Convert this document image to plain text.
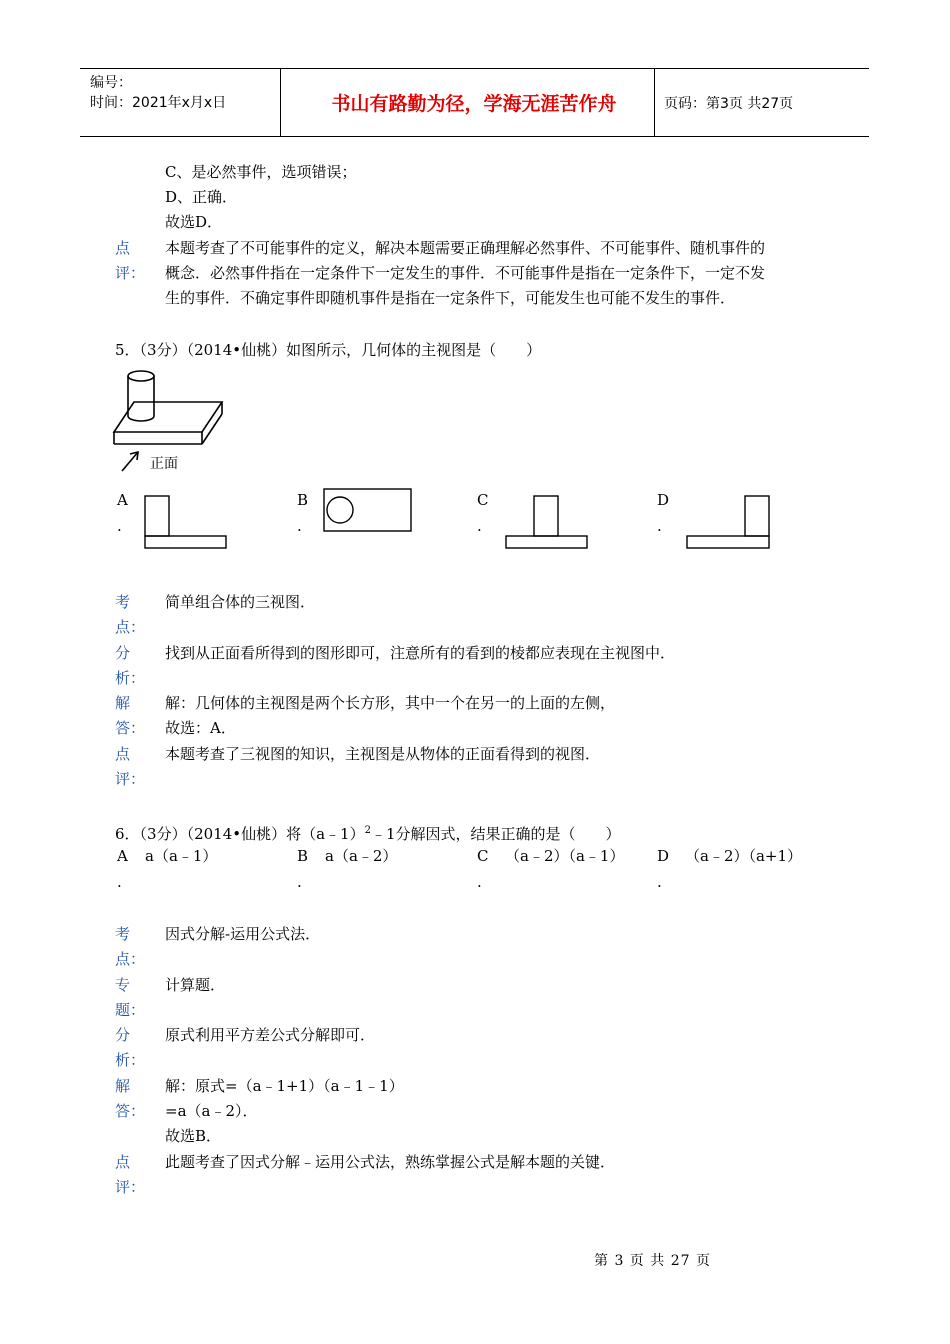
编号：
时间：2021年x月x日	书山有路勤为径，学海无涯苦作舟	页码：第3页 共27页
C、是必然事件，选项错误；
D、正确．
故选D．
点
评：
本题考查了不可能事件的定义，解决本题需要正确理解必然事件、不可能事件、随机事件的
概念．必然事件指在一定条件下一定发生的事件．不可能事件是指在一定条件下，一定不发
生的事件．不确定事件即随机事件是指在一定条件下，可能发生也可能不发生的事件．
5．（3分）（2014•仙桃）如图所示，几何体的主视图是（　　）
正面
A
.
B
.
C
.
D
.
考
点：
简单组合体的三视图．
分
析：
找到从正面看所得到的图形即可，注意所有的看到的棱都应表现在主视图中．
解
答：
解：几何体的主视图是两个长方形，其中一个在另一的上面的左侧，
故选：A．
点
评：
本题考查了三视图的知识，主视图是从物体的正面看得到的视图．
6．（3分）（2014•仙桃）将（a﹣1）$^2$﹣1分解因式，结果正确的是（　　）
A a（a﹣1）
.
B a（a﹣2）
.
C （a﹣2）（a﹣1）
.
D （a﹣2）（a+1）
.
考
点：
因式分解-运用公式法．
专
题：
计算题．
分
析：
原式利用平方差公式分解即可．
解
答：
解：原式=（a﹣1+1）（a﹣1﹣1）
=a（a﹣2）．
故选B．
点
评：
此题考查了因式分解﹣运用公式法，熟练掌握公式是解本题的关键．
第 3 页 共 27 页
